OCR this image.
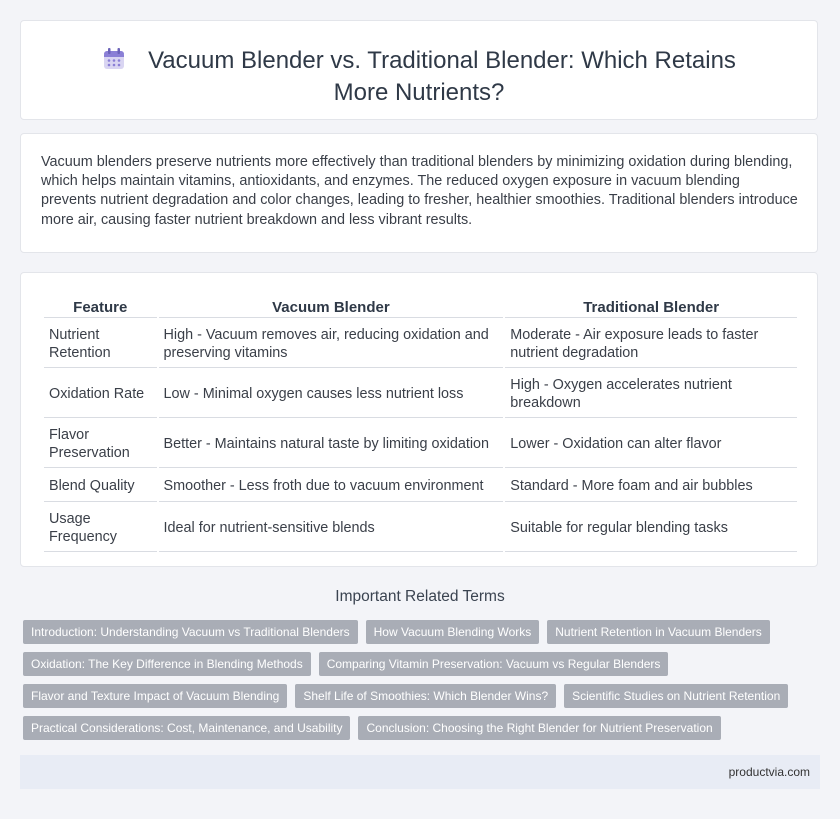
Vacuum Blender vs. Traditional Blender: Which Retains More Nutrients?
Vacuum blenders preserve nutrients more effectively than traditional blenders by minimizing oxidation during blending, which helps maintain vitamins, antioxidants, and enzymes. The reduced oxygen exposure in vacuum blending prevents nutrient degradation and color changes, leading to fresher, healthier smoothies. Traditional blenders introduce more air, causing faster nutrient breakdown and less vibrant results.
Feature	Vacuum Blender	Traditional Blender
Nutrient Retention	High - Vacuum removes air, reducing oxidation and preserving vitamins	Moderate - Air exposure leads to faster nutrient degradation
Oxidation Rate	Low - Minimal oxygen causes less nutrient loss	High - Oxygen accelerates nutrient breakdown
Flavor Preservation	Better - Maintains natural taste by limiting oxidation	Lower - Oxidation can alter flavor
Blend Quality	Smoother - Less froth due to vacuum environment	Standard - More foam and air bubbles
Usage Frequency	Ideal for nutrient-sensitive blends	Suitable for regular blending tasks
Important Related Terms
Introduction: Understanding Vacuum vs Traditional Blenders	How Vacuum Blending Works	Nutrient Retention in Vacuum Blenders
Oxidation: The Key Difference in Blending Methods	Comparing Vitamin Preservation: Vacuum vs Regular Blenders
Flavor and Texture Impact of Vacuum Blending	Shelf Life of Smoothies: Which Blender Wins?	Scientific Studies on Nutrient Retention
Practical Considerations: Cost, Maintenance, and Usability	Conclusion: Choosing the Right Blender for Nutrient Preservation
productvia.com
